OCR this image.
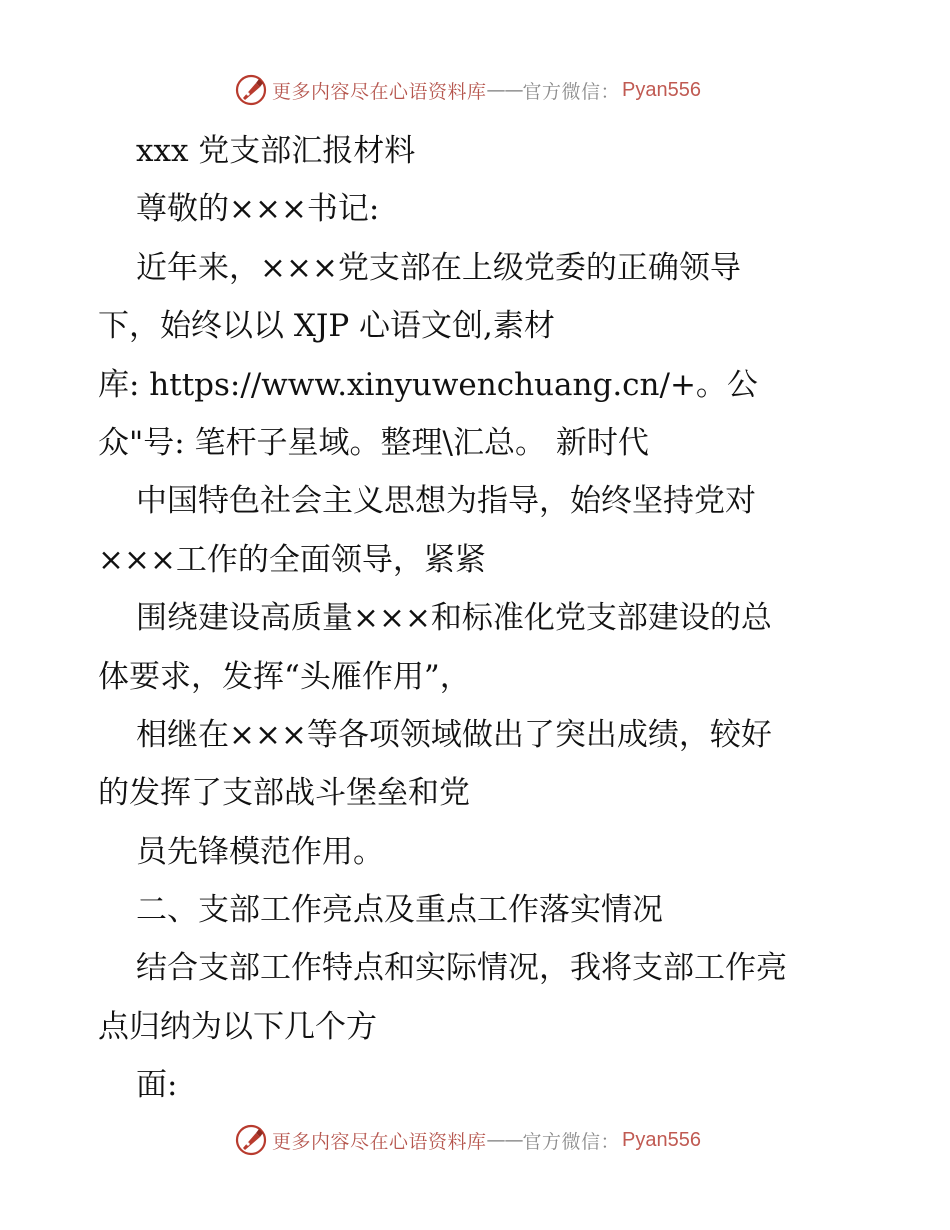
更多内容尽在心语资料库 —— 官方微信： Pyan556
xxx 党支部汇报材料
尊敬的×××书记:
近年来，×××党支部在上级党委的正确领导
下，始终以以 XJP 心语文创,素材
库: https://www.xinyuwenchuang.cn/+。公
众"号: 笔杆子星域。整理\汇总。 新时代
中国特色社会主义思想为指导，始终坚持党对
×××工作的全面领导，紧紧
围绕建设高质量×××和标准化党支部建设的总
体要求，发挥“头雁作用”，
相继在×××等各项领域做出了突出成绩，较好
的发挥了支部战斗堡垒和党
员先锋模范作用。
二、支部工作亮点及重点工作落实情况
结合支部工作特点和实际情况，我将支部工作亮
点归纳为以下几个方
面:
更多内容尽在心语资料库 —— 官方微信： Pyan556
